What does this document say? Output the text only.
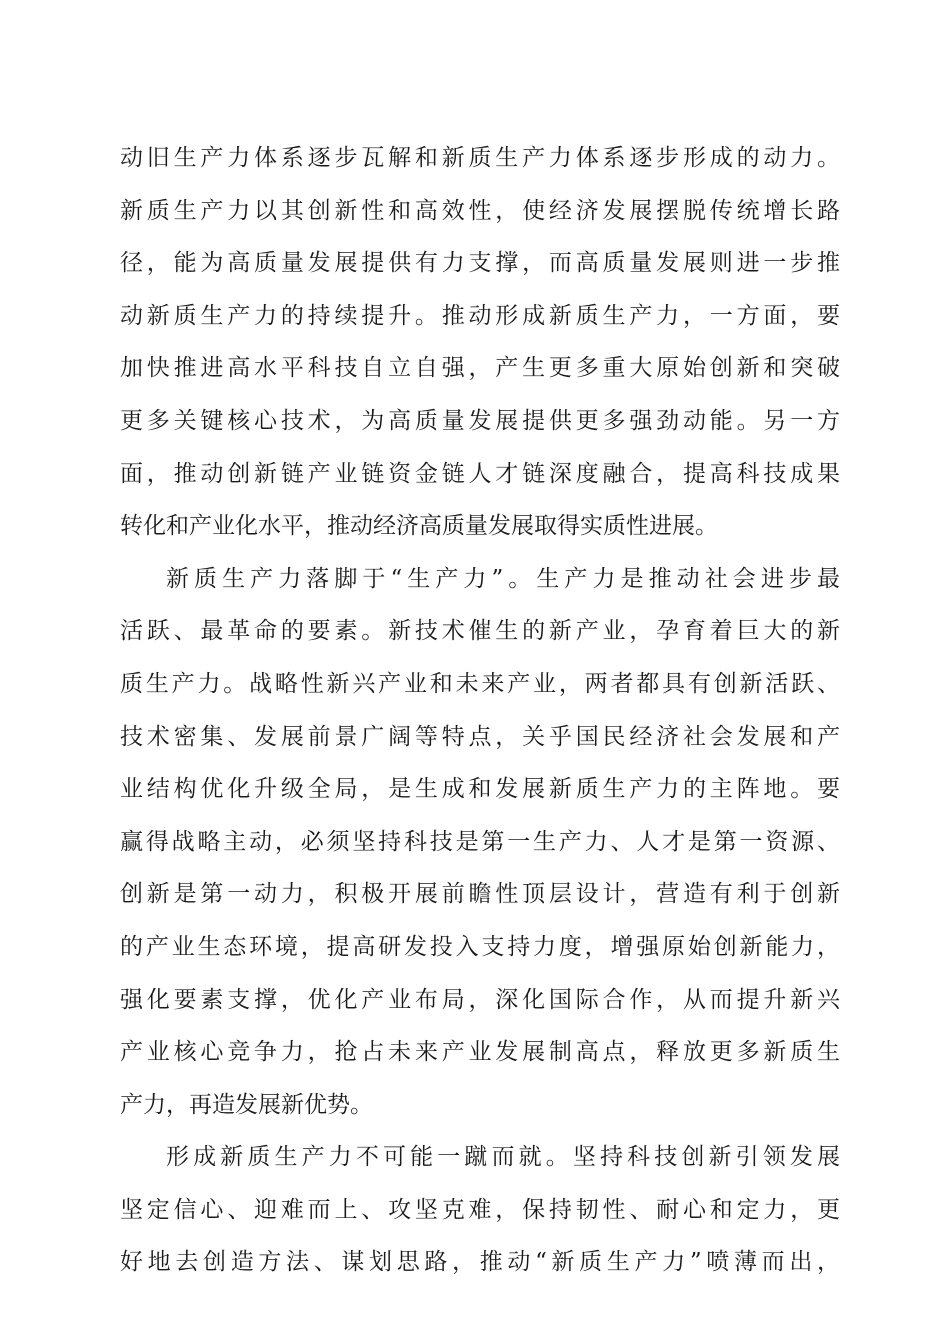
动旧生产力体系逐步瓦解和新质生产力体系逐步形成的动力。
新质生产力以其创新性和高效性，使经济发展摆脱传统增长路
径，能为高质量发展提供有力支撑，而高质量发展则进一步推
动新质生产力的持续提升。推动形成新质生产力，一方面，要
加快推进高水平科技自立自强，产生更多重大原始创新和突破
更多关键核心技术，为高质量发展提供更多强劲动能。另一方
面，推动创新链产业链资金链人才链深度融合，提高科技成果
转化和产业化水平，推动经济高质量发展取得实质性进展。
新质生产力落脚于“生产力”。生产力是推动社会进步最
活跃、最革命的要素。新技术催生的新产业，孕育着巨大的新
质生产力。战略性新兴产业和未来产业，两者都具有创新活跃、
技术密集、发展前景广阔等特点，关乎国民经济社会发展和产
业结构优化升级全局，是生成和发展新质生产力的主阵地。要
赢得战略主动，必须坚持科技是第一生产力、人才是第一资源、
创新是第一动力，积极开展前瞻性顶层设计，营造有利于创新
的产业生态环境，提高研发投入支持力度，增强原始创新能力，
强化要素支撑，优化产业布局，深化国际合作，从而提升新兴
产业核心竞争力，抢占未来产业发展制高点，释放更多新质生
产力，再造发展新优势。
形成新质生产力不可能一蹴而就。坚持科技创新引领发展
坚定信心、迎难而上、攻坚克难，保持韧性、耐心和定力，更
好地去创造方法、谋划思路，推动“新质生产力”喷薄而出，
